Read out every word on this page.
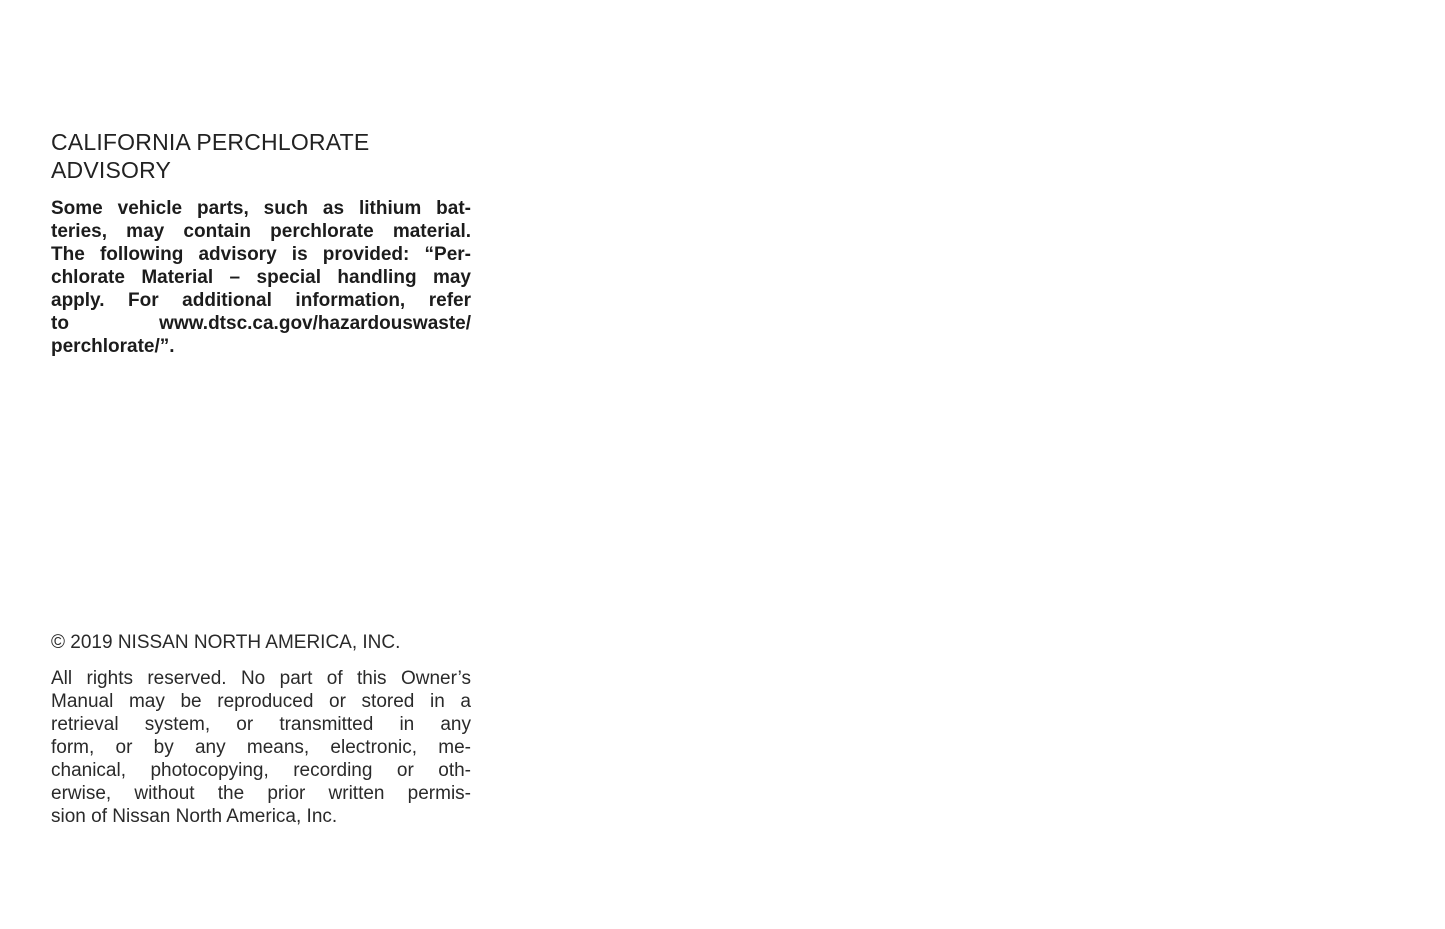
CALIFORNIA PERCHLORATE
ADVISORY

Some vehicle parts, such as lithium bat-
teries, may contain perchlorate material.
The following advisory is provided: “Per-
chlorate Material – special handling may
apply. For additional information, refer
to www.dtsc.ca.gov/hazardouswaste/
perchlorate/”.

© 2019 NISSAN NORTH AMERICA, INC.

All rights reserved. No part of this Owner’s
Manual may be reproduced or stored in a
retrieval system, or transmitted in any
form, or by any means, electronic, me-
chanical, photocopying, recording or oth-
erwise, without the prior written permis-
sion of Nissan North America, Inc.
